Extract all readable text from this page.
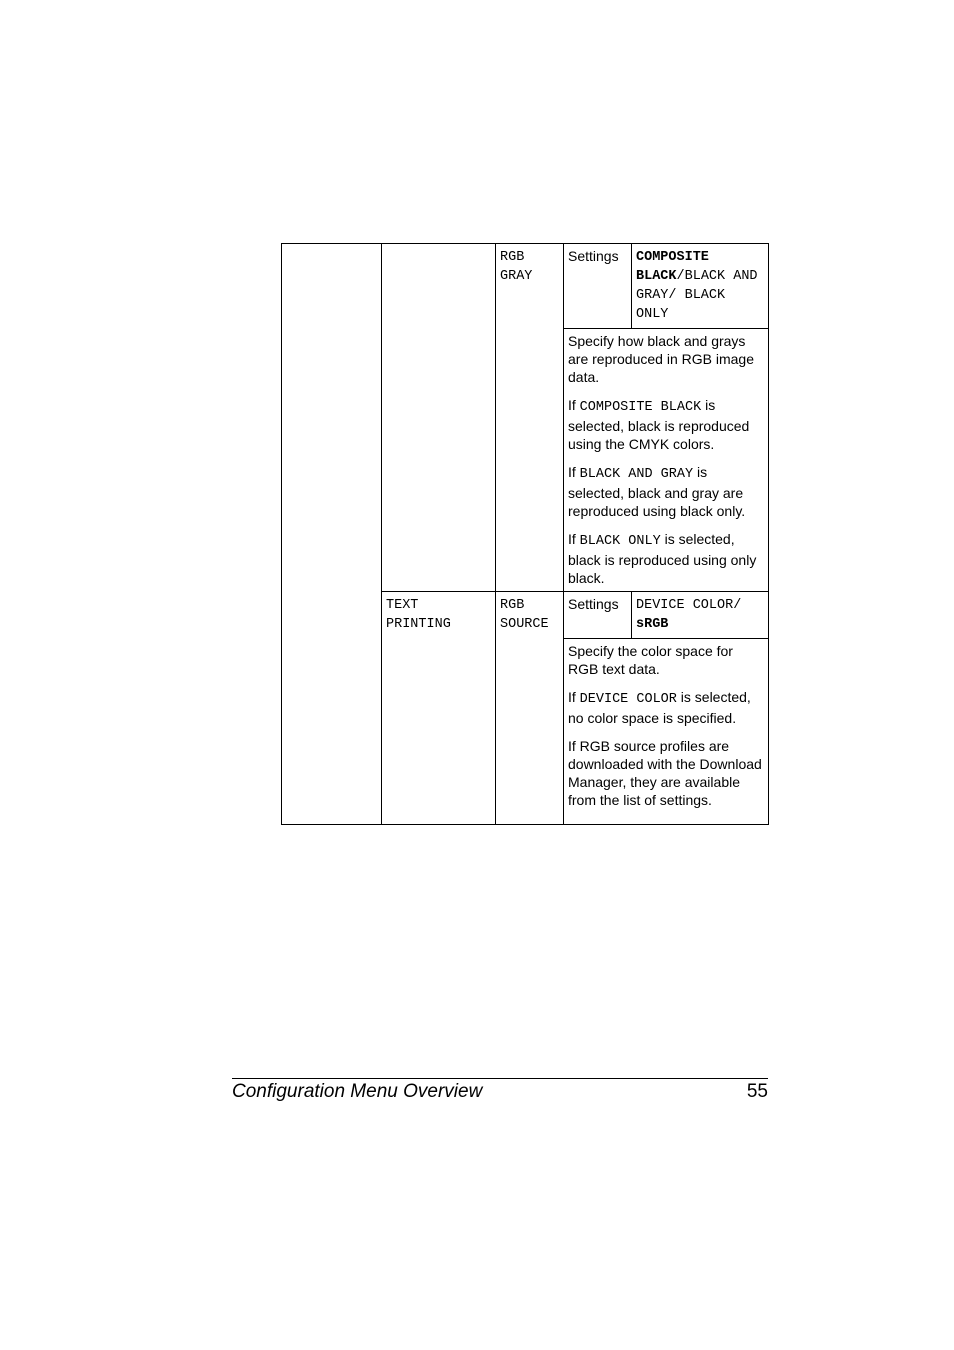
		RGB GRAY	Settings	COMPOSITE BLACK/BLACK AND GRAY/ BLACK ONLY

			Specify how black and grays are reproduced in RGB image data.

If COMPOSITE BLACK is selected, black is reproduced using the CMYK colors.

If BLACK AND GRAY is selected, black and gray are reproduced using black only.

If BLACK ONLY is selected, black is reproduced using only black.	

	TEXT PRINTING	RGB SOURCE	Settings	DEVICE COLOR/
sRGB

			Specify the color space for RGB text data.

If DEVICE COLOR is selected, no color space is specified.

If RGB source profiles are downloaded with the Download Manager, they are available from the list of settings.	

Configuration Menu Overview	55
